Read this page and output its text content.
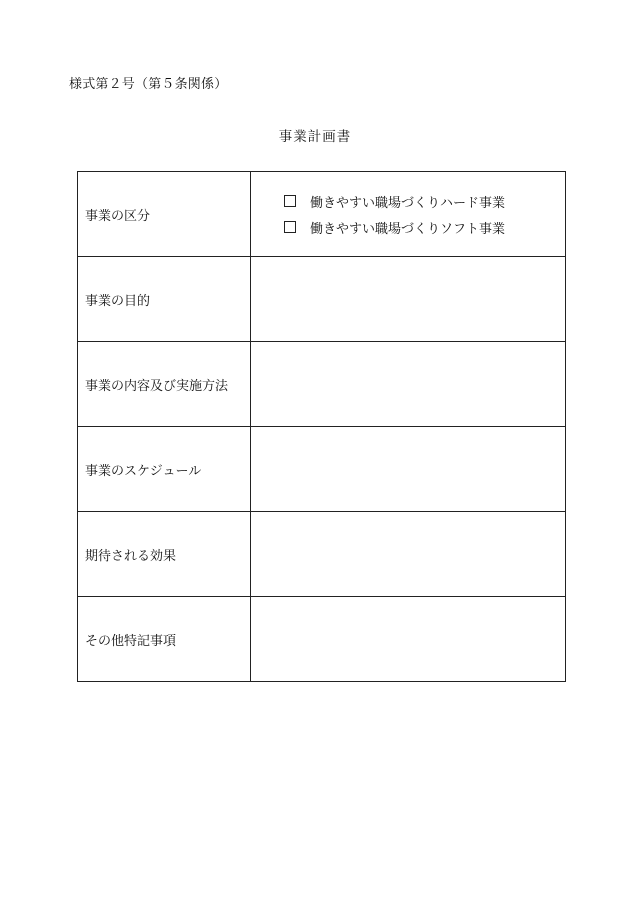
様式第２号（第５条関係）
事業計画書
事業の区分	働きやすい職場づくりハード事業
働きやすい職場づくりソフト事業

事業の目的	
事業の内容及び実施方法	
事業のスケジュール	
期待される効果	
その他特記事項	
